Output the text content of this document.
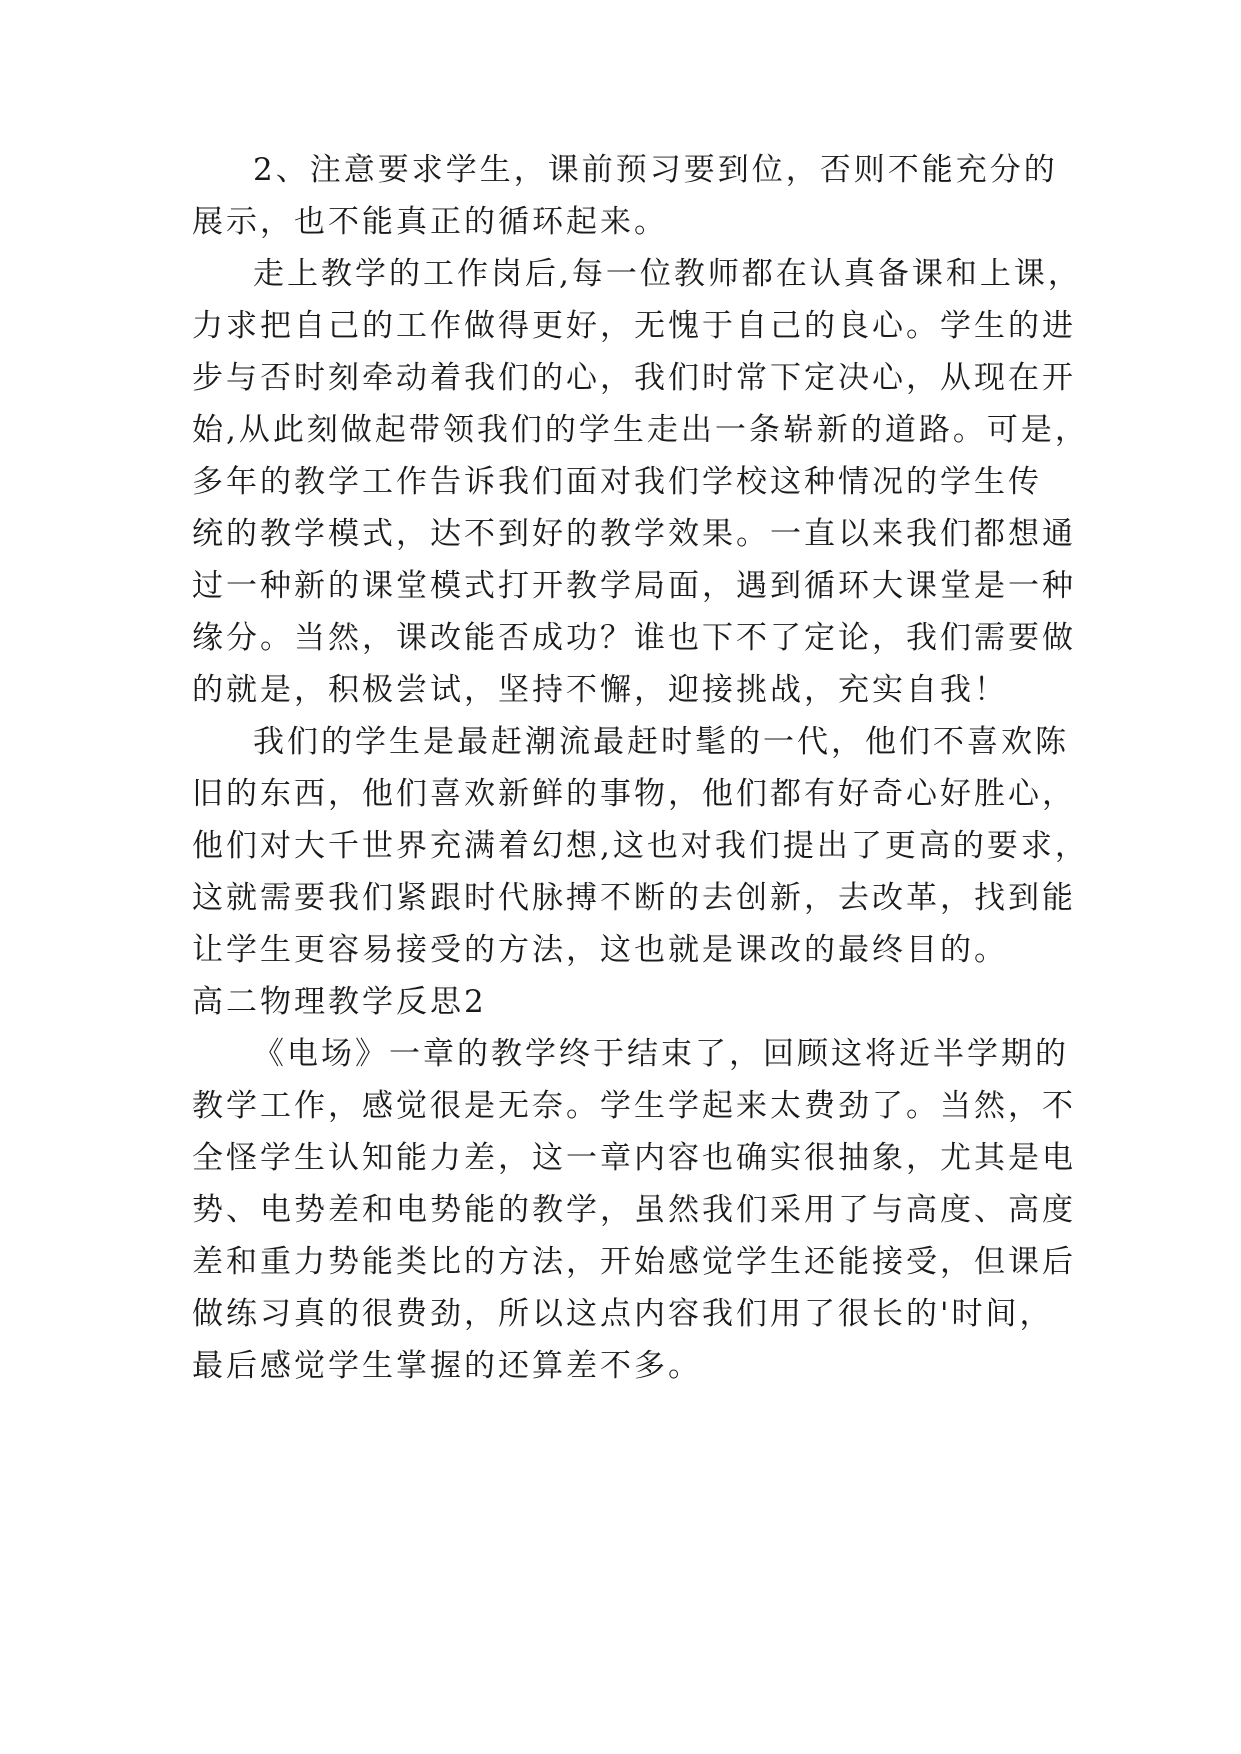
2、注意要求学生，课前预习要到位，否则不能充分的
展示，也不能真正的循环起来。
走上教学的工作岗后,每一位教师都在认真备课和上课，
力求把自己的工作做得更好，无愧于自己的良心。学生的进
步与否时刻牵动着我们的心，我们时常下定决心，从现在开
始,从此刻做起带领我们的学生走出一条崭新的道路。可是，
多年的教学工作告诉我们面对我们学校这种情况的学生传
统的教学模式，达不到好的教学效果。一直以来我们都想通
过一种新的课堂模式打开教学局面，遇到循环大课堂是一种
缘分。当然，课改能否成功？谁也下不了定论，我们需要做
的就是，积极尝试，坚持不懈，迎接挑战，充实自我！
我们的学生是最赶潮流最赶时髦的一代，他们不喜欢陈
旧的东西，他们喜欢新鲜的事物，他们都有好奇心好胜心，
他们对大千世界充满着幻想,这也对我们提出了更高的要求，
这就需要我们紧跟时代脉搏不断的去创新，去改革，找到能
让学生更容易接受的方法，这也就是课改的最终目的。
高二物理教学反思2
《电场》一章的教学终于结束了，回顾这将近半学期的
教学工作，感觉很是无奈。学生学起来太费劲了。当然，不
全怪学生认知能力差，这一章内容也确实很抽象，尤其是电
势、电势差和电势能的教学，虽然我们采用了与高度、高度
差和重力势能类比的方法，开始感觉学生还能接受，但课后
做练习真的很费劲，所以这点内容我们用了很长的'时间，
最后感觉学生掌握的还算差不多。
